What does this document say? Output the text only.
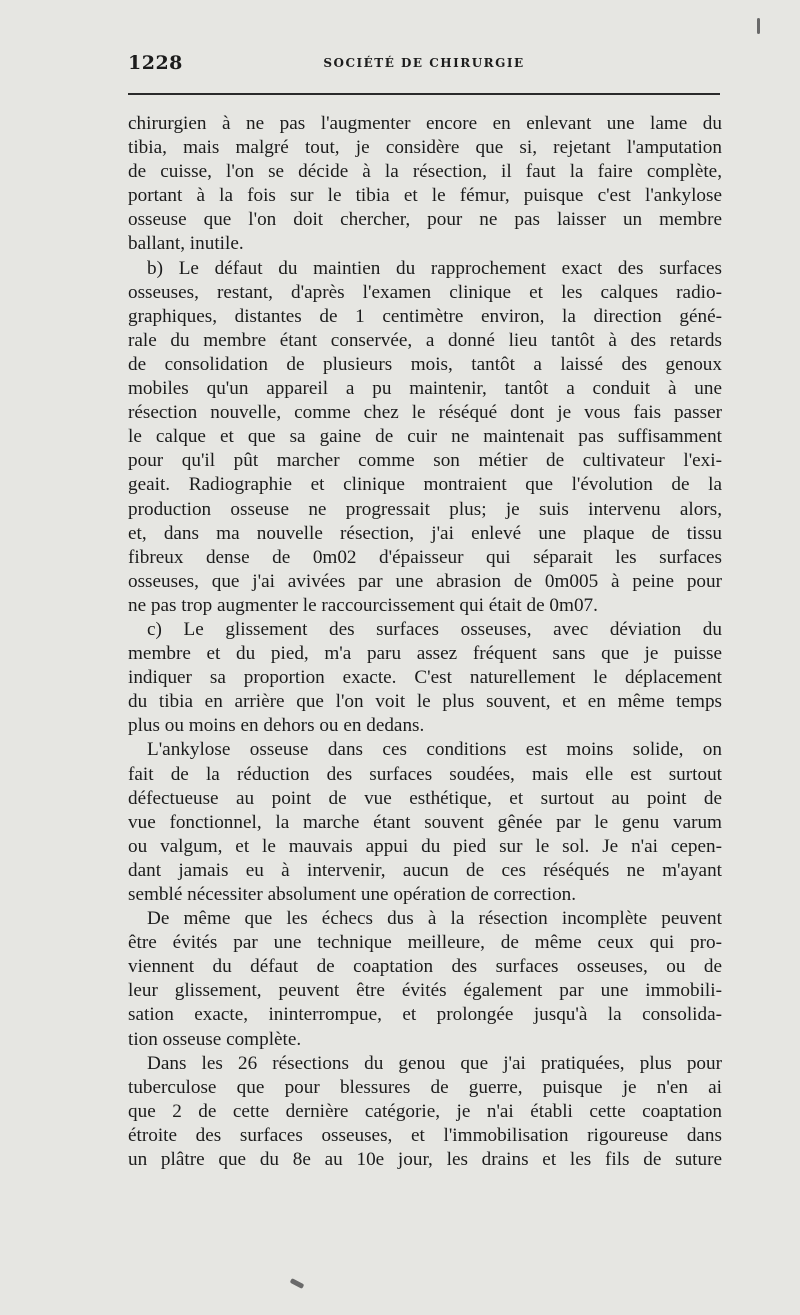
1228	SOCIÉTÉ DE CHIRURGIE
chirurgien à ne pas l'augmenter encore en enlevant une lame du
tibia, mais malgré tout, je considère que si, rejetant l'amputation
de cuisse, l'on se décide à la résection, il faut la faire complète,
portant à la fois sur le tibia et le fémur, puisque c'est l'ankylose
osseuse que l'on doit chercher, pour ne pas laisser un membre
ballant, inutile.
b) Le défaut du maintien du rapprochement exact des surfaces
osseuses, restant, d'après l'examen clinique et les calques radio-
graphiques, distantes de 1 centimètre environ, la direction géné-
rale du membre étant conservée, a donné lieu tantôt à des retards
de consolidation de plusieurs mois, tantôt a laissé des genoux
mobiles qu'un appareil a pu maintenir, tantôt a conduit à une
résection nouvelle, comme chez le réséqué dont je vous fais passer
le calque et que sa gaine de cuir ne maintenait pas suffisamment
pour qu'il pût marcher comme son métier de cultivateur l'exi-
geait. Radiographie et clinique montraient que l'évolution de la
production osseuse ne progressait plus; je suis intervenu alors,
et, dans ma nouvelle résection, j'ai enlevé une plaque de tissu
fibreux dense de 0m02 d'épaisseur qui séparait les surfaces
osseuses, que j'ai avivées par une abrasion de 0m005 à peine pour
ne pas trop augmenter le raccourcissement qui était de 0m07.
c) Le glissement des surfaces osseuses, avec déviation du
membre et du pied, m'a paru assez fréquent sans que je puisse
indiquer sa proportion exacte. C'est naturellement le déplacement
du tibia en arrière que l'on voit le plus souvent, et en même temps
plus ou moins en dehors ou en dedans.
L'ankylose osseuse dans ces conditions est moins solide, on
fait de la réduction des surfaces soudées, mais elle est surtout
défectueuse au point de vue esthétique, et surtout au point de
vue fonctionnel, la marche étant souvent gênée par le genu varum
ou valgum, et le mauvais appui du pied sur le sol. Je n'ai cepen-
dant jamais eu à intervenir, aucun de ces réséqués ne m'ayant
semblé nécessiter absolument une opération de correction.
De même que les échecs dus à la résection incomplète peuvent
être évités par une technique meilleure, de même ceux qui pro-
viennent du défaut de coaptation des surfaces osseuses, ou de
leur glissement, peuvent être évités également par une immobili-
sation exacte, ininterrompue, et prolongée jusqu'à la consolida-
tion osseuse complète.
Dans les 26 résections du genou que j'ai pratiquées, plus pour
tuberculose que pour blessures de guerre, puisque je n'en ai
que 2 de cette dernière catégorie, je n'ai établi cette coaptation
étroite des surfaces osseuses, et l'immobilisation rigoureuse dans
un plâtre que du 8e au 10e jour, les drains et les fils de suture
